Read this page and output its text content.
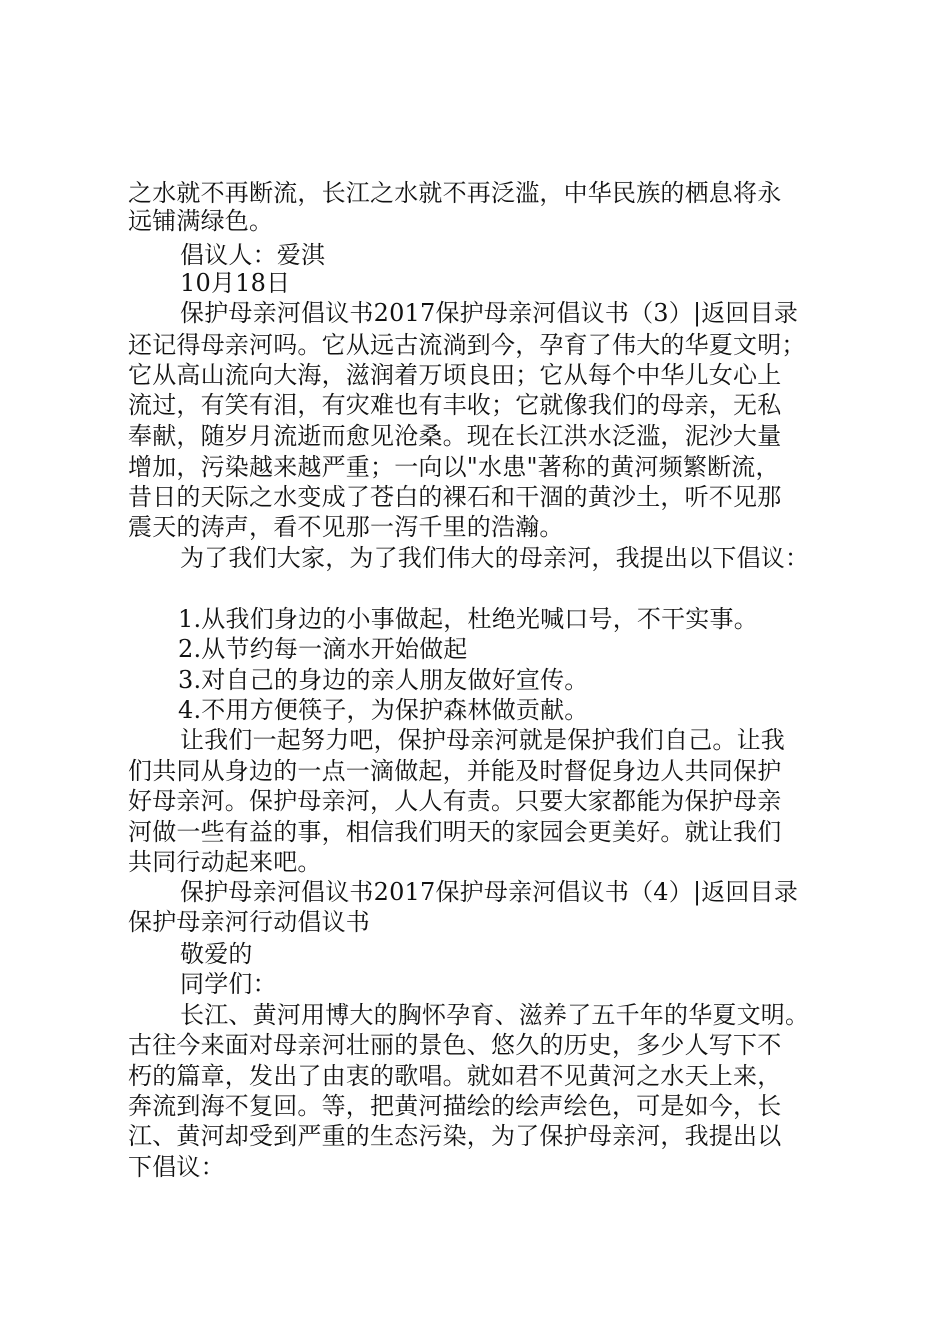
之水就不再断流，长江之水就不再泛滥，中华民族的栖息将永
远铺满绿色。
倡议人：爱淇
10月18日
保护母亲河倡议书2017保护母亲河倡议书（3）|返回目录
还记得母亲河吗。它从远古流淌到今，孕育了伟大的华夏文明；
它从高山流向大海，滋润着万顷良田；它从每个中华儿女心上
流过，有笑有泪，有灾难也有丰收；它就像我们的母亲，无私
奉献，随岁月流逝而愈见沧桑。现在长江洪水泛滥，泥沙大量
增加，污染越来越严重；一向以"水患"著称的黄河频繁断流，
昔日的天际之水变成了苍白的裸石和干涸的黄沙土，听不见那
震天的涛声，看不见那一泻千里的浩瀚。
为了我们大家，为了我们伟大的母亲河，我提出以下倡议：
1.从我们身边的小事做起，杜绝光喊口号，不干实事。
2.从节约每一滴水开始做起
3.对自己的身边的亲人朋友做好宣传。
4.不用方便筷子，为保护森林做贡献。
让我们一起努力吧，保护母亲河就是保护我们自己。让我
们共同从身边的一点一滴做起，并能及时督促身边人共同保护
好母亲河。保护母亲河，人人有责。只要大家都能为保护母亲
河做一些有益的事，相信我们明天的家园会更美好。就让我们
共同行动起来吧。
保护母亲河倡议书2017保护母亲河倡议书（4）|返回目录
保护母亲河行动倡议书
敬爱的
同学们：
长江、黄河用博大的胸怀孕育、滋养了五千年的华夏文明。
古往今来面对母亲河壮丽的景色、悠久的历史，多少人写下不
朽的篇章，发出了由衷的歌唱。就如君不见黄河之水天上来，
奔流到海不复回。等，把黄河描绘的绘声绘色，可是如今，长
江、黄河却受到严重的生态污染，为了保护母亲河，我提出以
下倡议：
